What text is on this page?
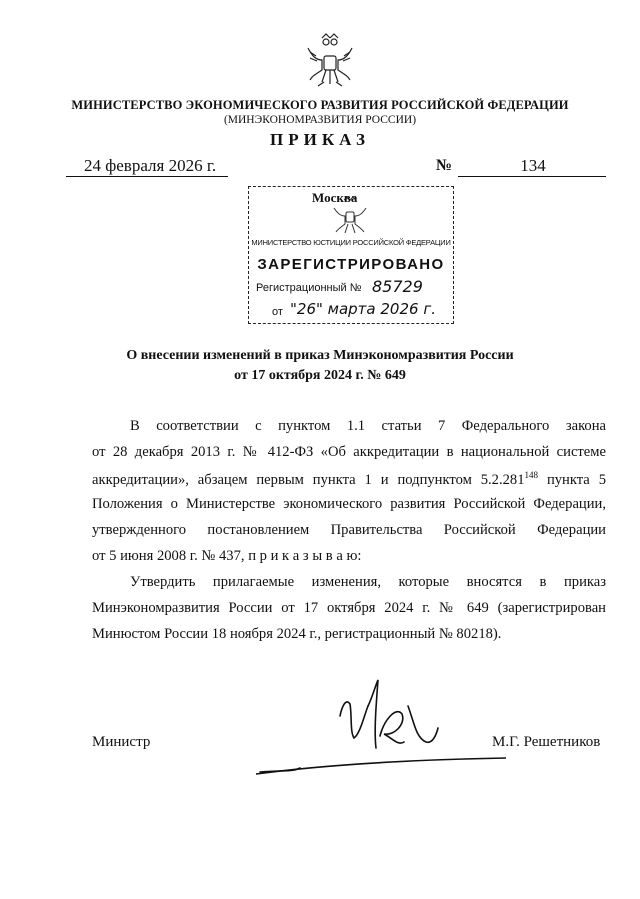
МИНИСТЕРСТВО ЭКОНОМИЧЕСКОГО РАЗВИТИЯ РОССИЙСКОЙ ФЕДЕРАЦИИ
(МИНЭКОНОМРАЗВИТИЯ РОССИИ)
ПРИКАЗ
24 февраля 2026 г.	№	134
Москва
МИНИСТЕРСТВО ЮСТИЦИИ РОССИЙСКОЙ ФЕДЕРАЦИИ
ЗАРЕГИСТРИРОВАНО
Регистрационный № 85729
от "26" марта 2026 г.
О внесении изменений в приказ Минэкономразвития России
от 17 октября 2024 г. № 649
В соответствии с пунктом 1.1 статьи 7 Федерального закона
от 28 декабря 2013 г. № 412-ФЗ «Об аккредитации в национальной системе
аккредитации», абзацем первым пункта 1 и подпунктом 5.2.281$^{148}$ пункта 5
Положения о Министерстве экономического развития Российской Федерации,
утвержденного постановлением Правительства Российской Федерации
от 5 июня 2008 г. № 437, п р и к а з ы в а ю:
Утвердить прилагаемые изменения, которые вносятся в приказ
Минэкономразвития России от 17 октября 2024 г. № 649 (зарегистрирован
Минюстом России 18 ноября 2024 г., регистрационный № 80218).
Министр	М.Г. Решетников
